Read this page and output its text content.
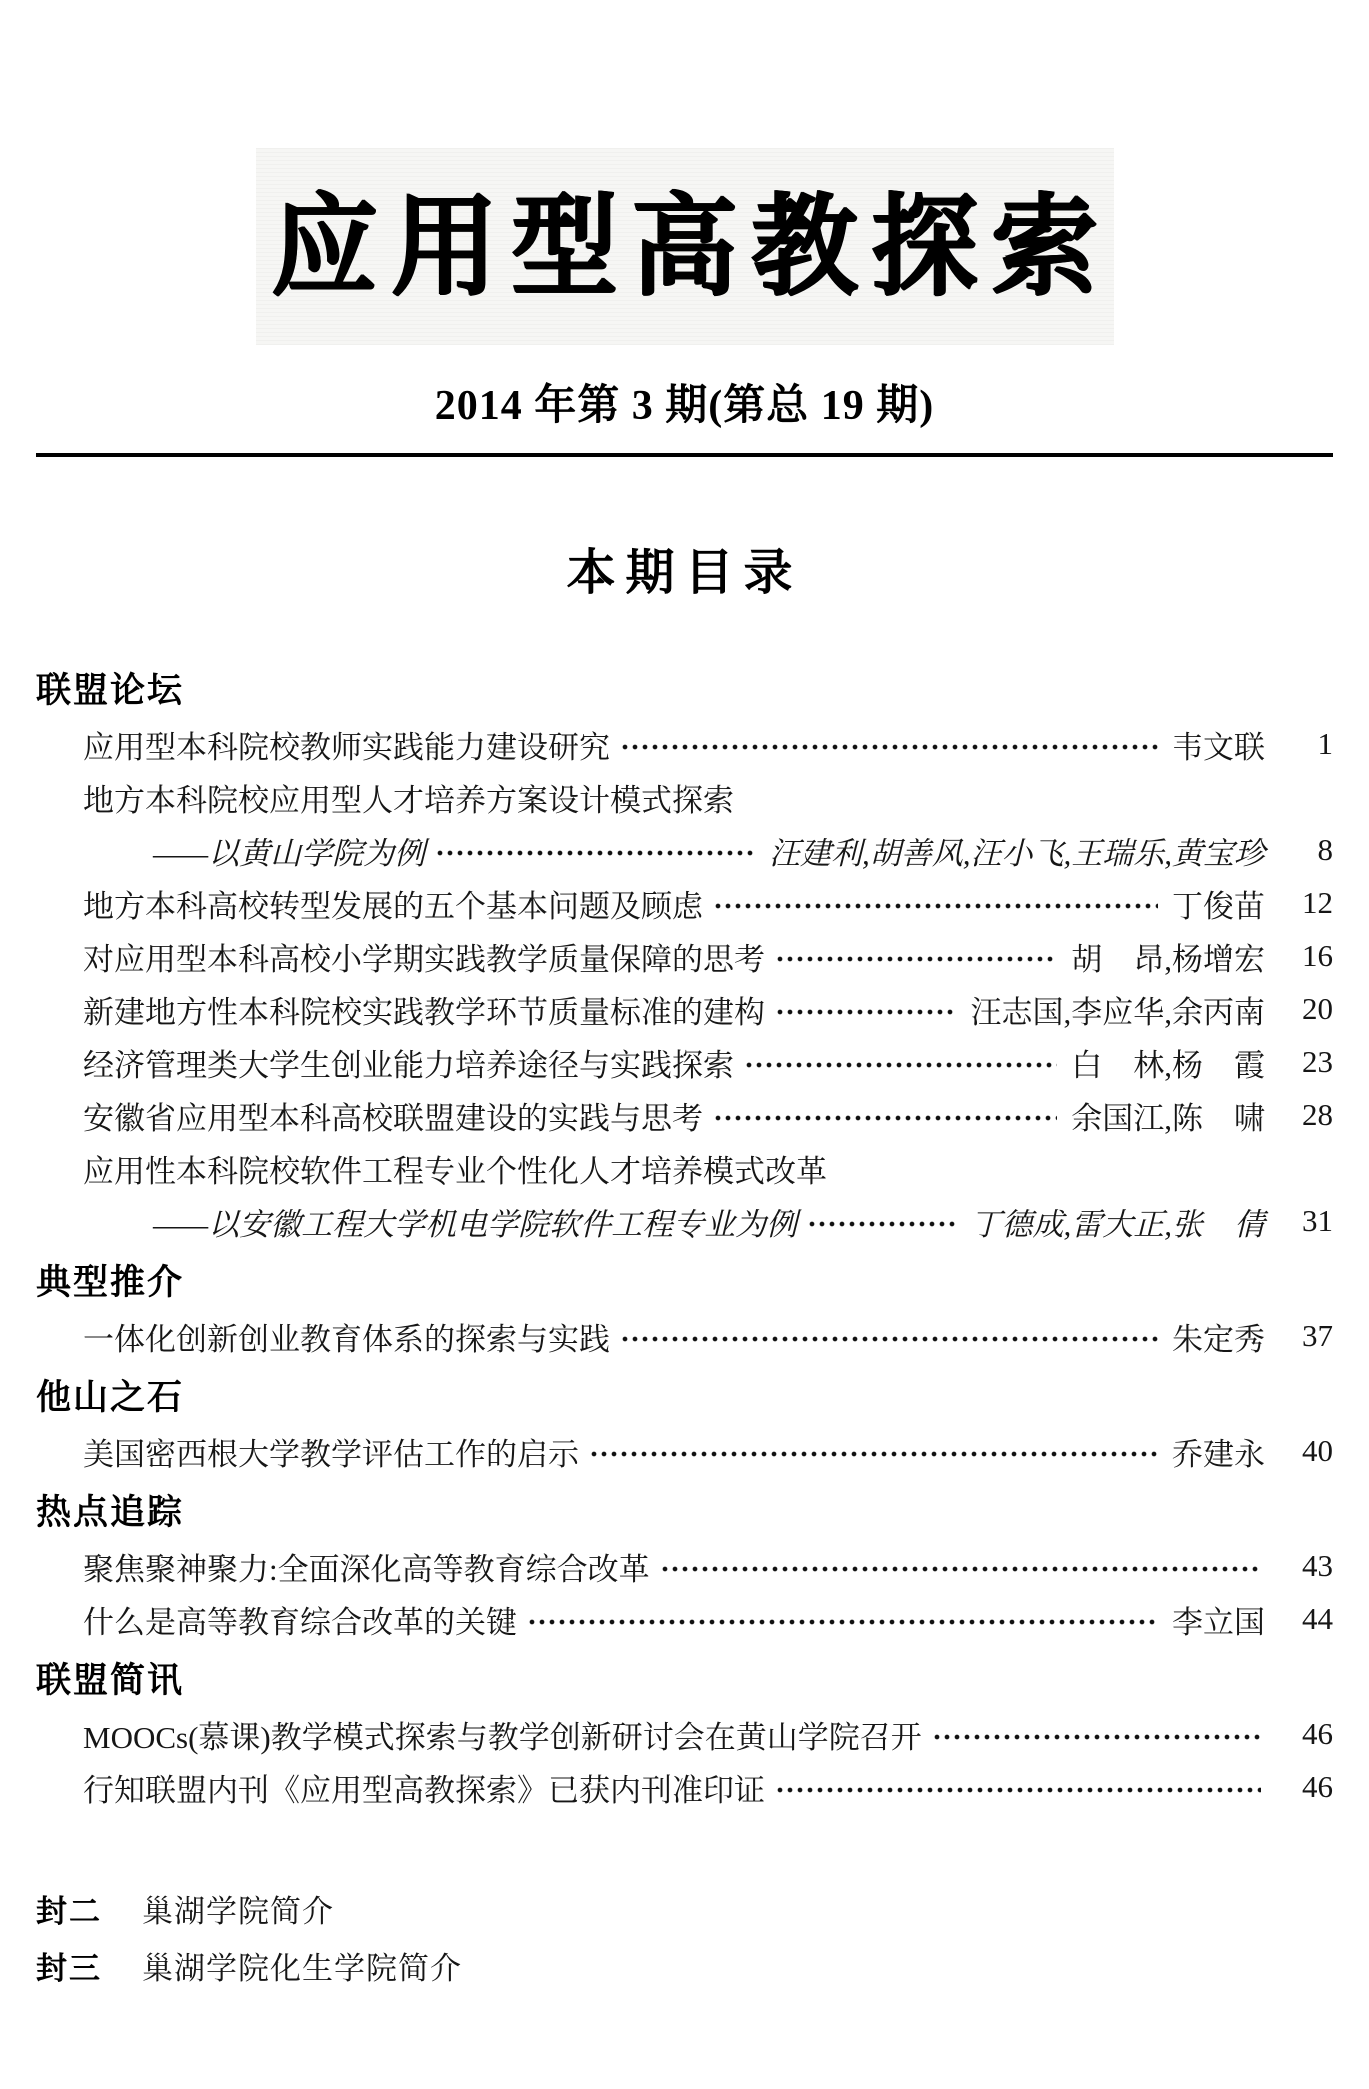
应用型高教探索
2014 年第 3 期(第总 19 期)
本期目录
联盟论坛
应用型本科院校教师实践能力建设研究	韦文联	1
地方本科院校应用型人才培养方案设计模式探索
——以黄山学院为例	汪建利,胡善风,汪小飞,王瑞乐,黄宝珍	8
地方本科高校转型发展的五个基本问题及顾虑	丁俊苗	12
对应用型本科高校小学期实践教学质量保障的思考	胡　昂,杨增宏	16
新建地方性本科院校实践教学环节质量标准的建构	汪志国,李应华,余丙南	20
经济管理类大学生创业能力培养途径与实践探索	白　林,杨　霞	23
安徽省应用型本科高校联盟建设的实践与思考	余国江,陈　啸	28
应用性本科院校软件工程专业个性化人才培养模式改革
——以安徽工程大学机电学院软件工程专业为例	丁德成,雷大正,张　倩	31
典型推介
一体化创新创业教育体系的探索与实践	朱定秀	37
他山之石
美国密西根大学教学评估工作的启示	乔建永	40
热点追踪
聚焦聚神聚力:全面深化高等教育综合改革	43
什么是高等教育综合改革的关键	李立国	44
联盟简讯
MOOCs(慕课)教学模式探索与教学创新研讨会在黄山学院召开	46
行知联盟内刊《应用型高教探索》已获内刊准印证	46
封二 巢湖学院简介
封三 巢湖学院化生学院简介
